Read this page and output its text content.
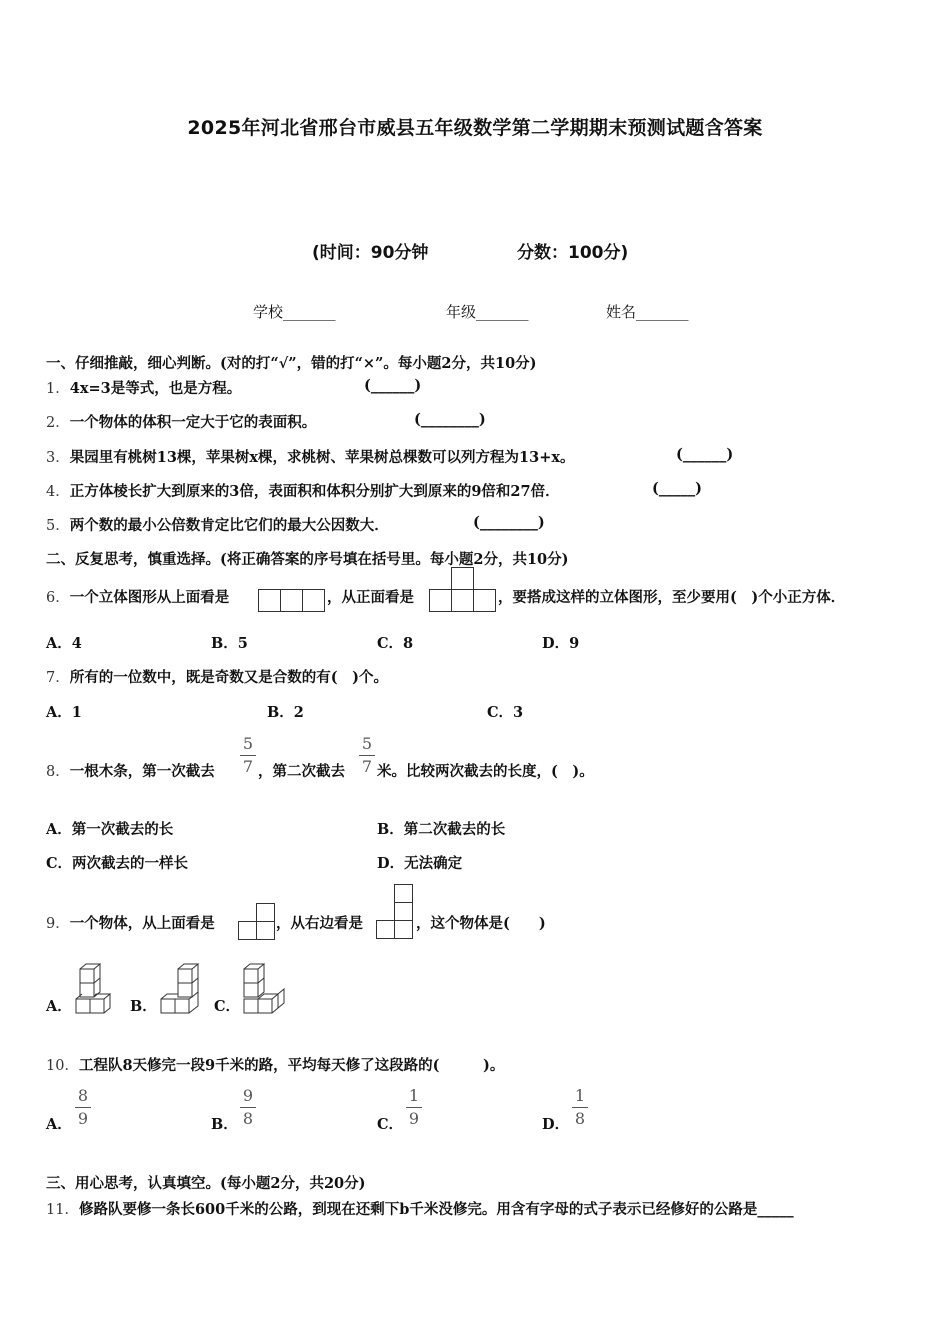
2025年河北省邢台市威县五年级数学第二学期期末预测试题含答案
(时间：90分钟	分数：100分)
学校_______	年级_______	姓名_______
一、仔细推敲，细心判断。(对的打“√”，错的打“×”。每小题2分，共10分)
1．4x=3是等式，也是方程。	(______)
2．一个物体的体积一定大于它的表面积。	(________)
3．果园里有桃树13棵，苹果树x棵，求桃树、苹果树总棵数可以列方程为13+x。	(______)
4．正方体棱长扩大到原来的3倍，表面积和体积分别扩大到原来的9倍和27倍．	(_____)
5．两个数的最小公倍数肯定比它们的最大公因数大．	(________)
二、反复思考，慎重选择。(将正确答案的序号填在括号里。每小题2分，共10分)
6．一个立体图形从上面看是	，从正面看是	，要搭成这样的立体图形，至少要用(　)个小正方体．
A．4	B．5	C．8	D．9
7．所有的一位数中，既是奇数又是合数的有(　)个。
A．1	B．2	C．3
8．一根木条，第一次截去
5
7 ，第二次截去
5
7 米。比较两次截去的长度，(　)。
A．第一次截去的长	B．第二次截去的长
C．两次截去的一样长	D．无法确定
9．一个物体，从上面看是	，从右边看是	，这个物体是(　　)
A．	B．	C．
10．工程队8天修完一段9千米的路，平均每天修了这段路的(　　　)。
A．
8
9	B．
9
8	C．
1
9	D．
1
8
三、用心思考，认真填空。(每小题2分，共20分)
11．修路队要修一条长600千米的公路，到现在还剩下b千米没修完。用含有字母的式子表示已经修好的公路是_____
